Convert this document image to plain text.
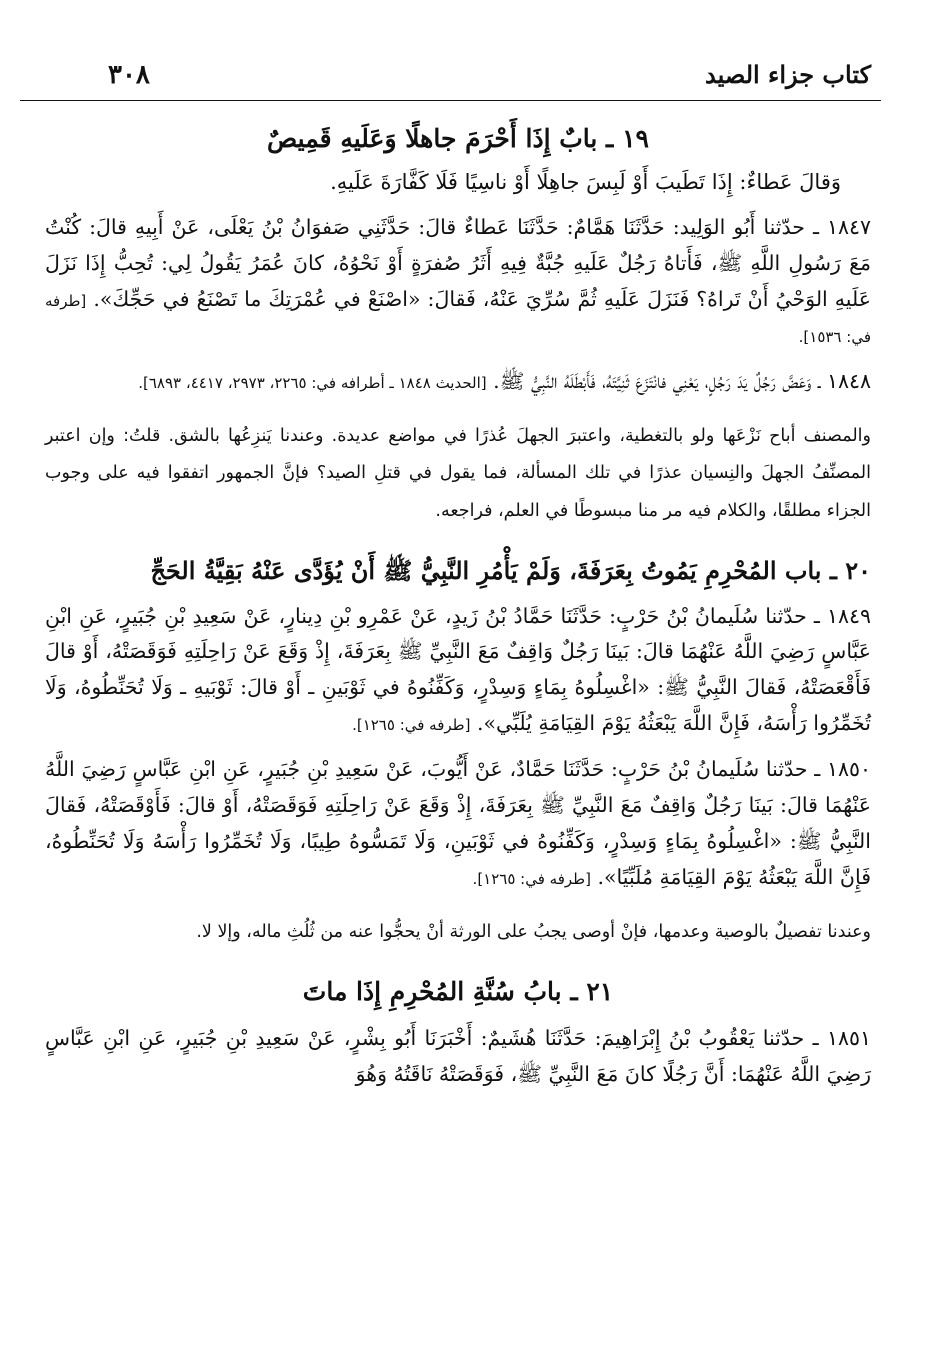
٣٠٨	كتاب جزاء الصيد
١٩ ـ بابٌ إِذَا أَحْرَمَ جاهلًا وَعَلَيهِ قَمِيصٌ
وَقالَ عَطاءٌ: إِذَا تَطَيبَ أَوْ لَبِسَ جاهِلًا أَوْ ناسِيًا فَلَا كَفَّارَةَ عَلَيهِ.

١٨٤٧ ـ حدّثنا أَبُو الوَلِيد: حَدَّثَنَا هَمَّامٌ: حَدَّثَنَا عَطاءٌ قالَ: حَدَّثَنِي صَفوَانُ بْنُ يَعْلَى، عَنْ أَبِيهِ قالَ: كُنْتُ مَعَ رَسُولِ اللَّهِ ﷺ، فَأَتاهُ رَجُلٌ عَلَيهِ جُبَّةٌ فِيهِ أَثَرُ صُفرَةٍ أَوْ نَحْوُهُ، كانَ عُمَرُ يَقُولُ لِي: تُحِبُّ إِذَا نَزَلَ عَلَيهِ الوَحْيُ أَنْ تَراهُ؟ فَنَزَلَ عَلَيهِ ثُمَّ سُرِّيَ عَنْهُ، فَقالَ: «اصْنَعْ في عُمْرَتِكَ ما تَصْنَعُ في حَجِّكَ». [طرفه في: ١٥٣٦].

١٨٤٨ ـ وَعَضَّ رَجُلٌ يَدَ رَجُلٍ، يَعْنِي فانْتَزَعَ ثَنِيَّتَهُ، فَأَبْطَلَهُ النَّبِيُّ ﷺ. [الحديث ١٨٤٨ ـ أطرافه في: ٢٢٦٥، ٢٩٧٣، ٤٤١٧، ٦٨٩٣].

والمصنف أباح نَزْعَها ولو بالتغطية، واعتبرَ الجهلَ عُذرًا في مواضع عديدة. وعندنا يَنزِعُها بالشق. قلتُ: وإن اعتبر المصنِّفُ الجهلَ والنِسيان عذرًا في تلك المسألة، فما يقول في قتلِ الصيد؟ فإنَّ الجمهور اتفقوا فيه على وجوب الجزاء مطلقًا، والكلام فيه مر منا مبسوطًا في العلم، فراجعه.
٢٠ ـ باب المُحْرِمِ يَمُوتُ بِعَرَفَةَ، وَلَمْ يَأْمُرِ النَّبِيُّ ﷺ أَنْ يُؤَدَّى عَنْهُ بَقِيَّةُ الحَجِّ

١٨٤٩ ـ حدّثنا سُلَيمانُ بْنُ حَرْبٍ: حَدَّثَنَا حَمَّادُ بْنُ زَيدٍ، عَنْ عَمْرِو بْنِ دِينارٍ، عَنْ سَعِيدِ بْنِ جُبَيرٍ، عَنِ ابْنِ عَبَّاسٍ رَضِيَ اللَّهُ عَنْهُمَا قالَ: بَينَا رَجُلٌ وَاقِفٌ مَعَ النَّبِيِّ ﷺ بِعَرَفَةَ، إِذْ وَقَعَ عَنْ رَاحِلَتِهِ فَوَقَصَتْهُ، أَوْ قالَ فَأَقْعَصَتْهُ، فَقالَ النَّبِيُّ ﷺ: «اغْسِلُوهُ بِمَاءٍ وَسِدْرٍ، وَكَفِّنُوهُ في ثَوْبَينِ ـ أَوْ قالَ: ثَوْبَيهِ ـ وَلَا تُحَنِّطُوهُ، وَلَا تُخَمِّرُوا رَأْسَهُ، فَإِنَّ اللَّهَ يَبْعَثُهُ يَوْمَ القِيَامَةِ يُلَبِّي». [طرفه في: ١٢٦٥].

١٨٥٠ ـ حدّثنا سُلَيمانُ بْنُ حَرْبٍ: حَدَّثَنَا حَمَّادٌ، عَنْ أَيُّوبَ، عَنْ سَعِيدِ بْنِ جُبَيرٍ، عَنِ ابْنِ عَبَّاسٍ رَضِيَ اللَّهُ عَنْهُمَا قالَ: بَينَا رَجُلٌ وَاقِفٌ مَعَ النَّبِيِّ ﷺ بِعَرَفَةَ، إِذْ وَقَعَ عَنْ رَاحِلَتِهِ فَوَقَصَتْهُ، أَوْ قالَ: فَأَوْقَصَتْهُ، فَقالَ النَّبِيُّ ﷺ: «اغْسِلُوهُ بِمَاءٍ وَسِدْرٍ، وَكَفِّنُوهُ في ثَوْبَينِ، وَلَا تَمَسُّوهُ طِيبًا، وَلَا تُخَمِّرُوا رَأْسَهُ وَلَا تُحَنِّطُوهُ، فَإِنَّ اللَّهَ يَبْعَثُهُ يَوْمَ القِيَامَةِ مُلَبِّيًا». [طرفه في: ١٢٦٥].

وعندنا تفصيلٌ بالوصية وعدمها، فإنْ أوصى يجبُ على الورثة أنْ يحجُّوا عنه من ثُلُثِ ماله، وإلا لا.
٢١ ـ بابُ سُنَّةِ المُحْرِمِ إِذَا ماتَ

١٨٥١ ـ حدّثنا يَعْقُوبُ بْنُ إِبْرَاهِيمَ: حَدَّثَنَا هُشَيمٌ: أَخْبَرَنَا أَبُو بِشْرٍ، عَنْ سَعِيدِ بْنِ جُبَيرٍ، عَنِ ابْنِ عَبَّاسٍ رَضِيَ اللَّهُ عَنْهُمَا: أَنَّ رَجُلًا كانَ مَعَ النَّبِيِّ ﷺ، فَوَقَصَتْهُ نَاقَتُهُ وَهُوَ
